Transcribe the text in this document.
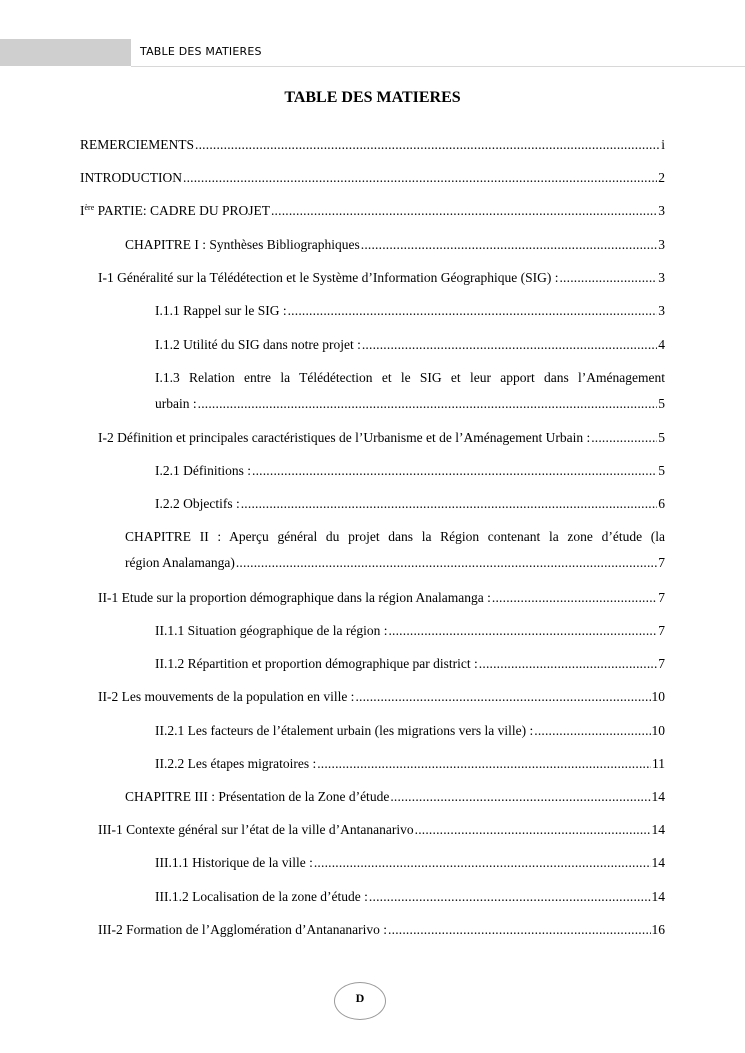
TABLE DES MATIERES
TABLE DES MATIERES
REMERCIEMENTS .....	i
INTRODUCTION .....	2
Ière PARTIE: CADRE DU PROJET .....	3
CHAPITRE I : Synthèses Bibliographiques .....	3
I-1 Généralité sur la Télédétection et le Système d’Information Géographique (SIG) : .....	3
I.1.1 Rappel sur le SIG : .....	3
I.1.2 Utilité du SIG dans notre projet : .....	4
I.1.3 Relation entre la Télédétection et le SIG et leur apport dans l’Aménagement
urbain : .....	5
I-2 Définition et principales caractéristiques de l’Urbanisme et de l’Aménagement Urbain : .....	5
I.2.1 Définitions : .....	5
I.2.2 Objectifs : .....	6
CHAPITRE II : Aperçu général du projet dans la Région contenant la zone d’étude (la
région Analamanga) .....	7
II-1 Etude sur la proportion démographique dans la région Analamanga : .....	7
II.1.1 Situation géographique de la région : .....	7
II.1.2 Répartition et proportion démographique par district : .....	7
II-2 Les mouvements de la population en ville : .....	10
II.2.1 Les facteurs de l’étalement urbain (les migrations vers la ville) : .....	10
II.2.2 Les étapes migratoires : .....	11
CHAPITRE III : Présentation de la Zone d’étude .....	14
III-1 Contexte général sur l’état de la ville d’Antananarivo .....	14
III.1.1 Historique de la ville : .....	14
III.1.2 Localisation de la zone d’étude : .....	14
III-2 Formation de l’Agglomération d’Antananarivo : .....	16
D
